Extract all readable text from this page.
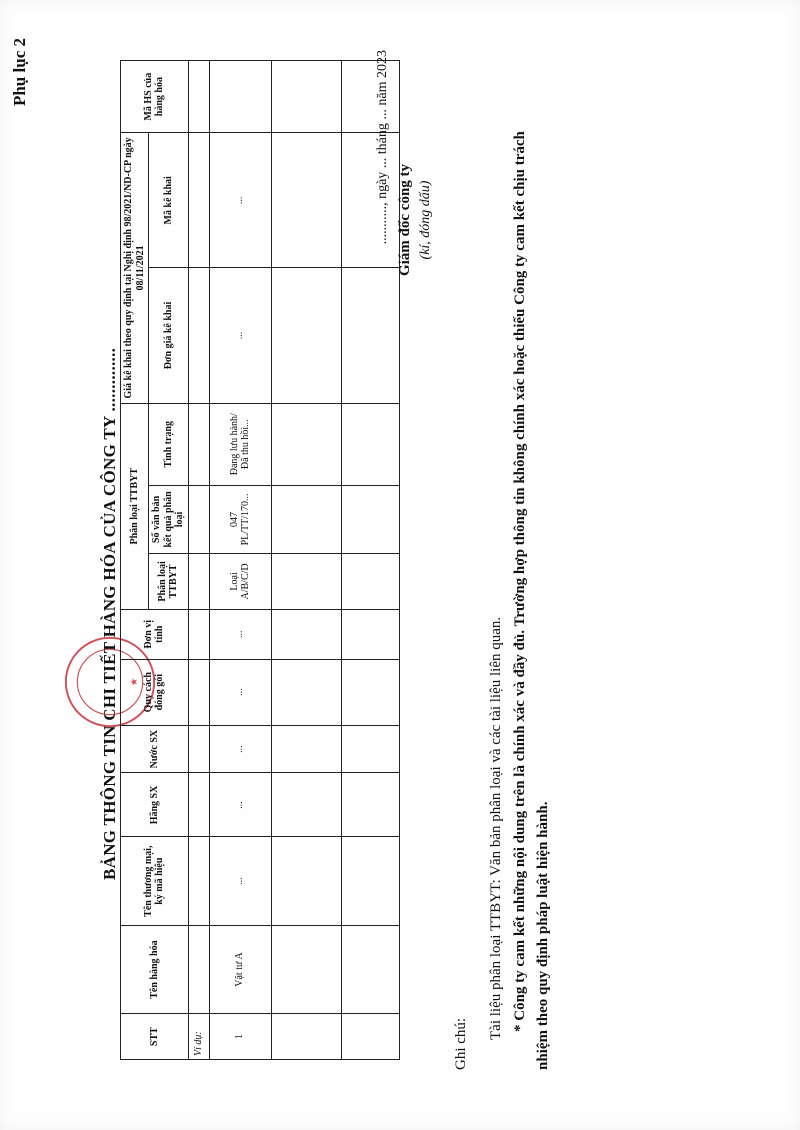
Phụ lục 2
BẢNG THÔNG TIN CHI TIẾT HÀNG HÓA CỦA CÔNG TY .............. ★
STT	Tên hàng hóa	Tên thương mại, ký mã hiệu	Hãng SX	Nước SX	Quy cách đóng gói	Đơn vị tính	Phân loại TTBYT			Giá kê khai theo quy định tại Nghị định 98/2021/ND-CP ngày 08/11/2021		Mã HS của hàng hóa
							Phân loại TTBYT	Số văn bản kết quả phân loại	Tình trạng	Đơn giá kê khai	Mã kê khai	
Ví dụ:												
1	Vật tư A	...	...	...	...	...	Loại A/B/C/D	047 PL/TT/170...	Đang lưu hành/ Đã thu hồi...	...	...	

													..........., ngày ... tháng ... năm 2023 Giám đốc công ty (kí, đóng dấu)
Ghi chú:
Tài liệu phân loại TTBYT: Văn bản phân loại và các tài liệu liên quan. * Công ty cam kết những nội dung trên là chính xác và đầy đủ. Trường hợp thông tin không chính xác hoặc thiếu Công ty cam kết chịu trách nhiệm theo quy định pháp luật hiện hành.
